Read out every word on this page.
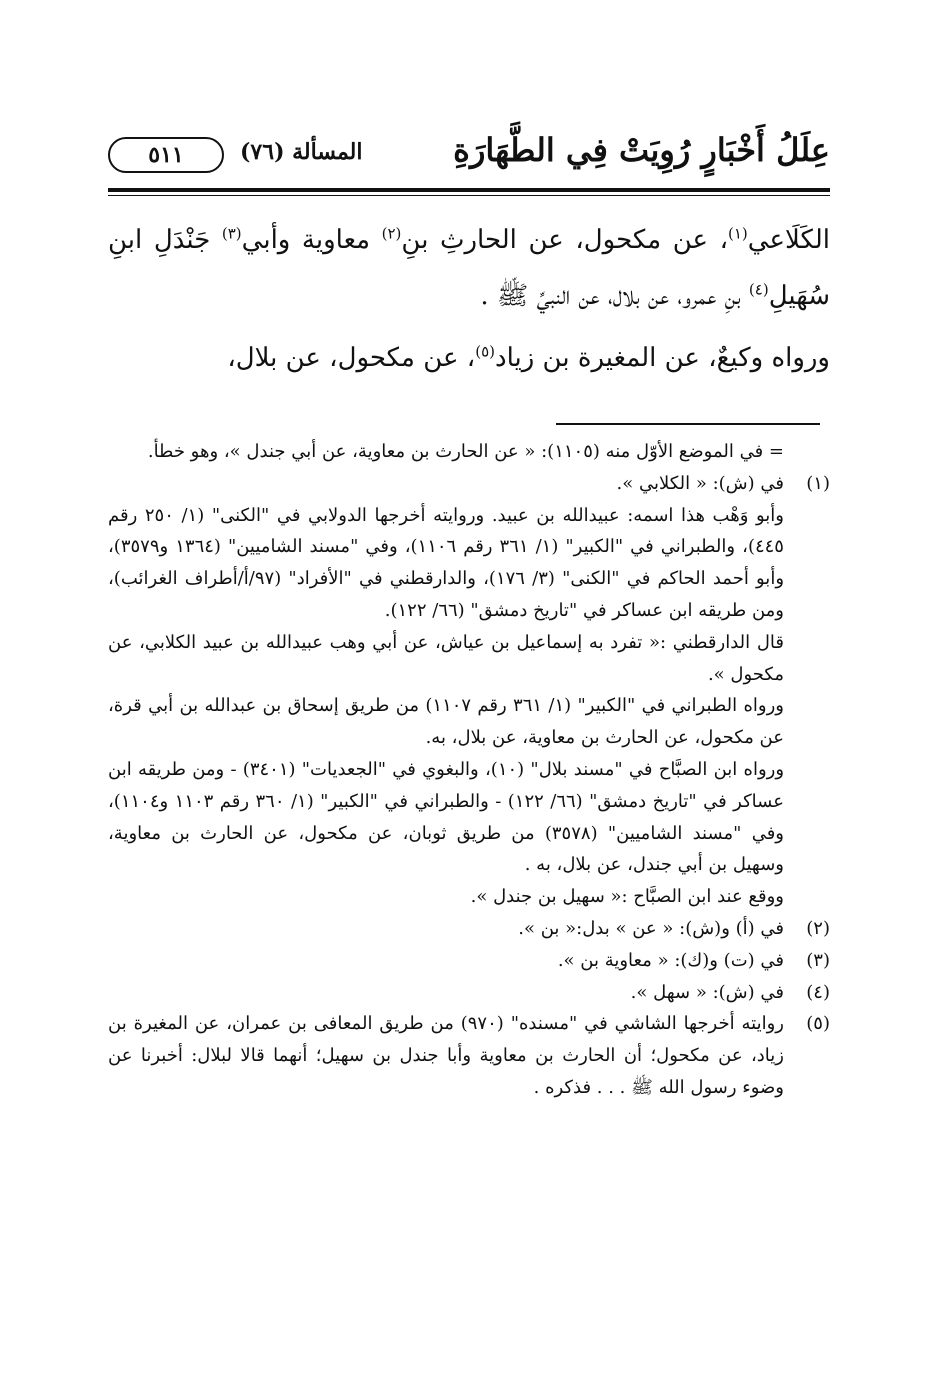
عِلَلُ أَخْبَارٍ رُوِيَتْ فِي الطَّهَارَةِ
المسألة (٧٦)
٥١١

الكَلَاعي$^{(١)}$، عن مكحول، عن الحارثِ بنِ$^{(٢)}$ معاوية وأبي$^{(٣)}$ جَنْدَلِ ابنِ سُهَيلِ$^{(٤)}$ بنِ عمرو، عن بلال، عن النبيِّ ﷺ .

ورواه وكيعٌ، عن المغيرة بن زياد$^{(٥)}$، عن مكحول، عن بلال،

= في الموضع الأوّل منه (١١٠٥): « عن الحارث بن معاوية، عن أبي جندل »، وهو خطأ.
(١)

في (ش): « الكلابي ».

وأبو وَهْب هذا اسمه: عبيدالله بن عبيد. وروايته أخرجها الدولابي في "الكنى" (١/ ٢٥٠ رقم ٤٤٥)، والطبراني في "الكبير" (١/ ٣٦١ رقم ١١٠٦)، وفي "مسند الشاميين" (١٣٦٤ و٣٥٧٩)، وأبو أحمد الحاكم في "الكنى" (٣/ ١٧٦)، والدارقطني في "الأفراد" (٩٧/أ/أطراف الغرائب)، ومن طريقه ابن عساكر في "تاريخ دمشق" (٦٦/ ١٢٢).

قال الدارقطني :« تفرد به إسماعيل بن عياش، عن أبي وهب عبيدالله بن عبيد الكلابي، عن مكحول ».

ورواه الطبراني في "الكبير" (١/ ٣٦١ رقم ١١٠٧) من طريق إسحاق بن عبدالله بن أبي قرة، عن مكحول، عن الحارث بن معاوية، عن بلال، به.

ورواه ابن الصبَّاح في "مسند بلال" (١٠)، والبغوي في "الجعديات" (٣٤٠١) - ومن طريقه ابن عساكر في "تاريخ دمشق" (٦٦/ ١٢٢) - والطبراني في "الكبير" (١/ ٣٦٠ رقم ١١٠٣ و١١٠٤)، وفي "مسند الشاميين" (٣٥٧٨) من طريق ثوبان، عن مكحول، عن الحارث بن معاوية، وسهيل بن أبي جندل، عن بلال، به .

ووقع عند ابن الصبَّاح :« سهيل بن جندل ».

(٢)

في (أ) و(ش): « عن » بدل:« بن ».

(٣)

في (ت) و(ك): « معاوية بن ».

(٤)

في (ش): « سهل ».

(٥)

روايته أخرجها الشاشي في "مسنده" (٩٧٠) من طريق المعافى بن عمران، عن المغيرة بن زياد، عن مكحول؛ أن الحارث بن معاوية وأبا جندل بن سهيل؛ أنهما قالا لبلال: أخبرنا عن وضوء رسول الله ﷺ . . . فذكره .
